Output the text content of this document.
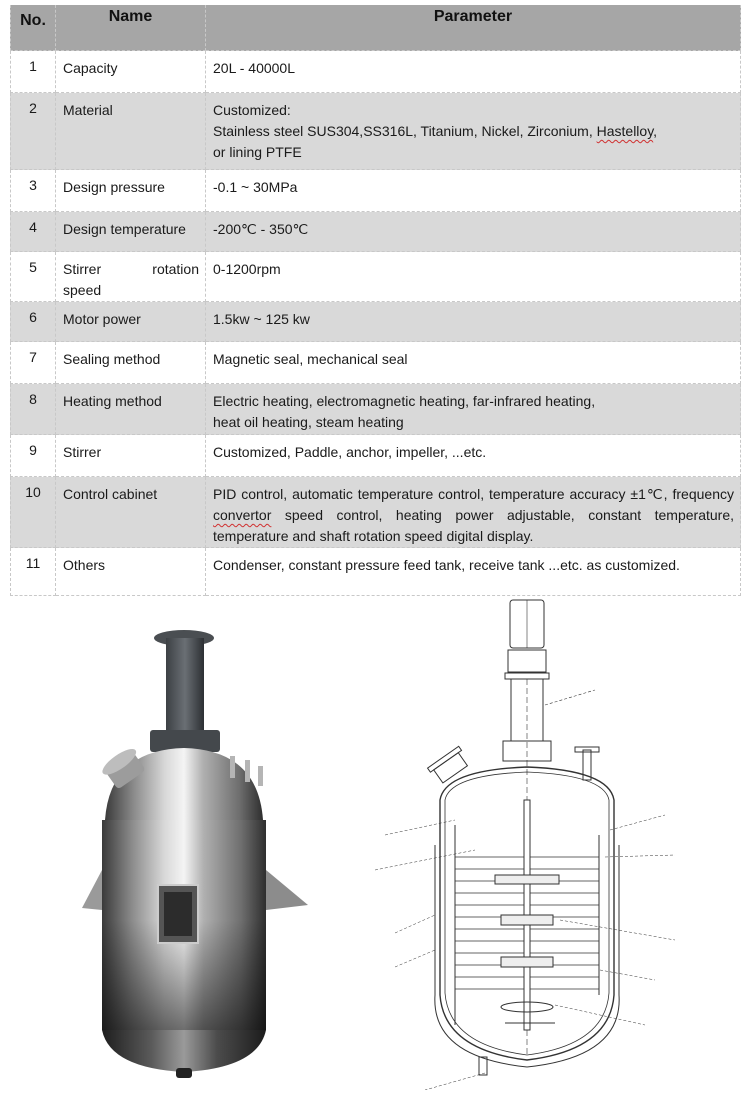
No.	Name	Parameter
1	Capacity	20L - 40000L
2	Material	Customized:
Stainless steel SUS304,SS316L, Titanium, Nickel, Zirconium, Hastelloy,
or lining PTFE

3	Design pressure	-0.1 ~ 30MPa
4	Design temperature	-200℃ - 350℃
5	Stirrer rotation
speed	0-1200rpm
6	Motor power	1.5kw ~ 125 kw
7	Sealing method	Magnetic seal, mechanical seal
8	Heating method	Electric heating, electromagnetic heating, far-infrared heating,
heat oil heating, steam heating

9	Stirrer	Customized, Paddle, anchor, impeller, ...etc.
10	Control cabinet	PID control, automatic temperature control, temperature accuracy ±1℃, frequency convertor speed control, heating power adjustable, constant temperature, temperature and shaft rotation speed digital display.
11	Others	Condenser, constant pressure feed tank, receive tank ...etc. as customized.
